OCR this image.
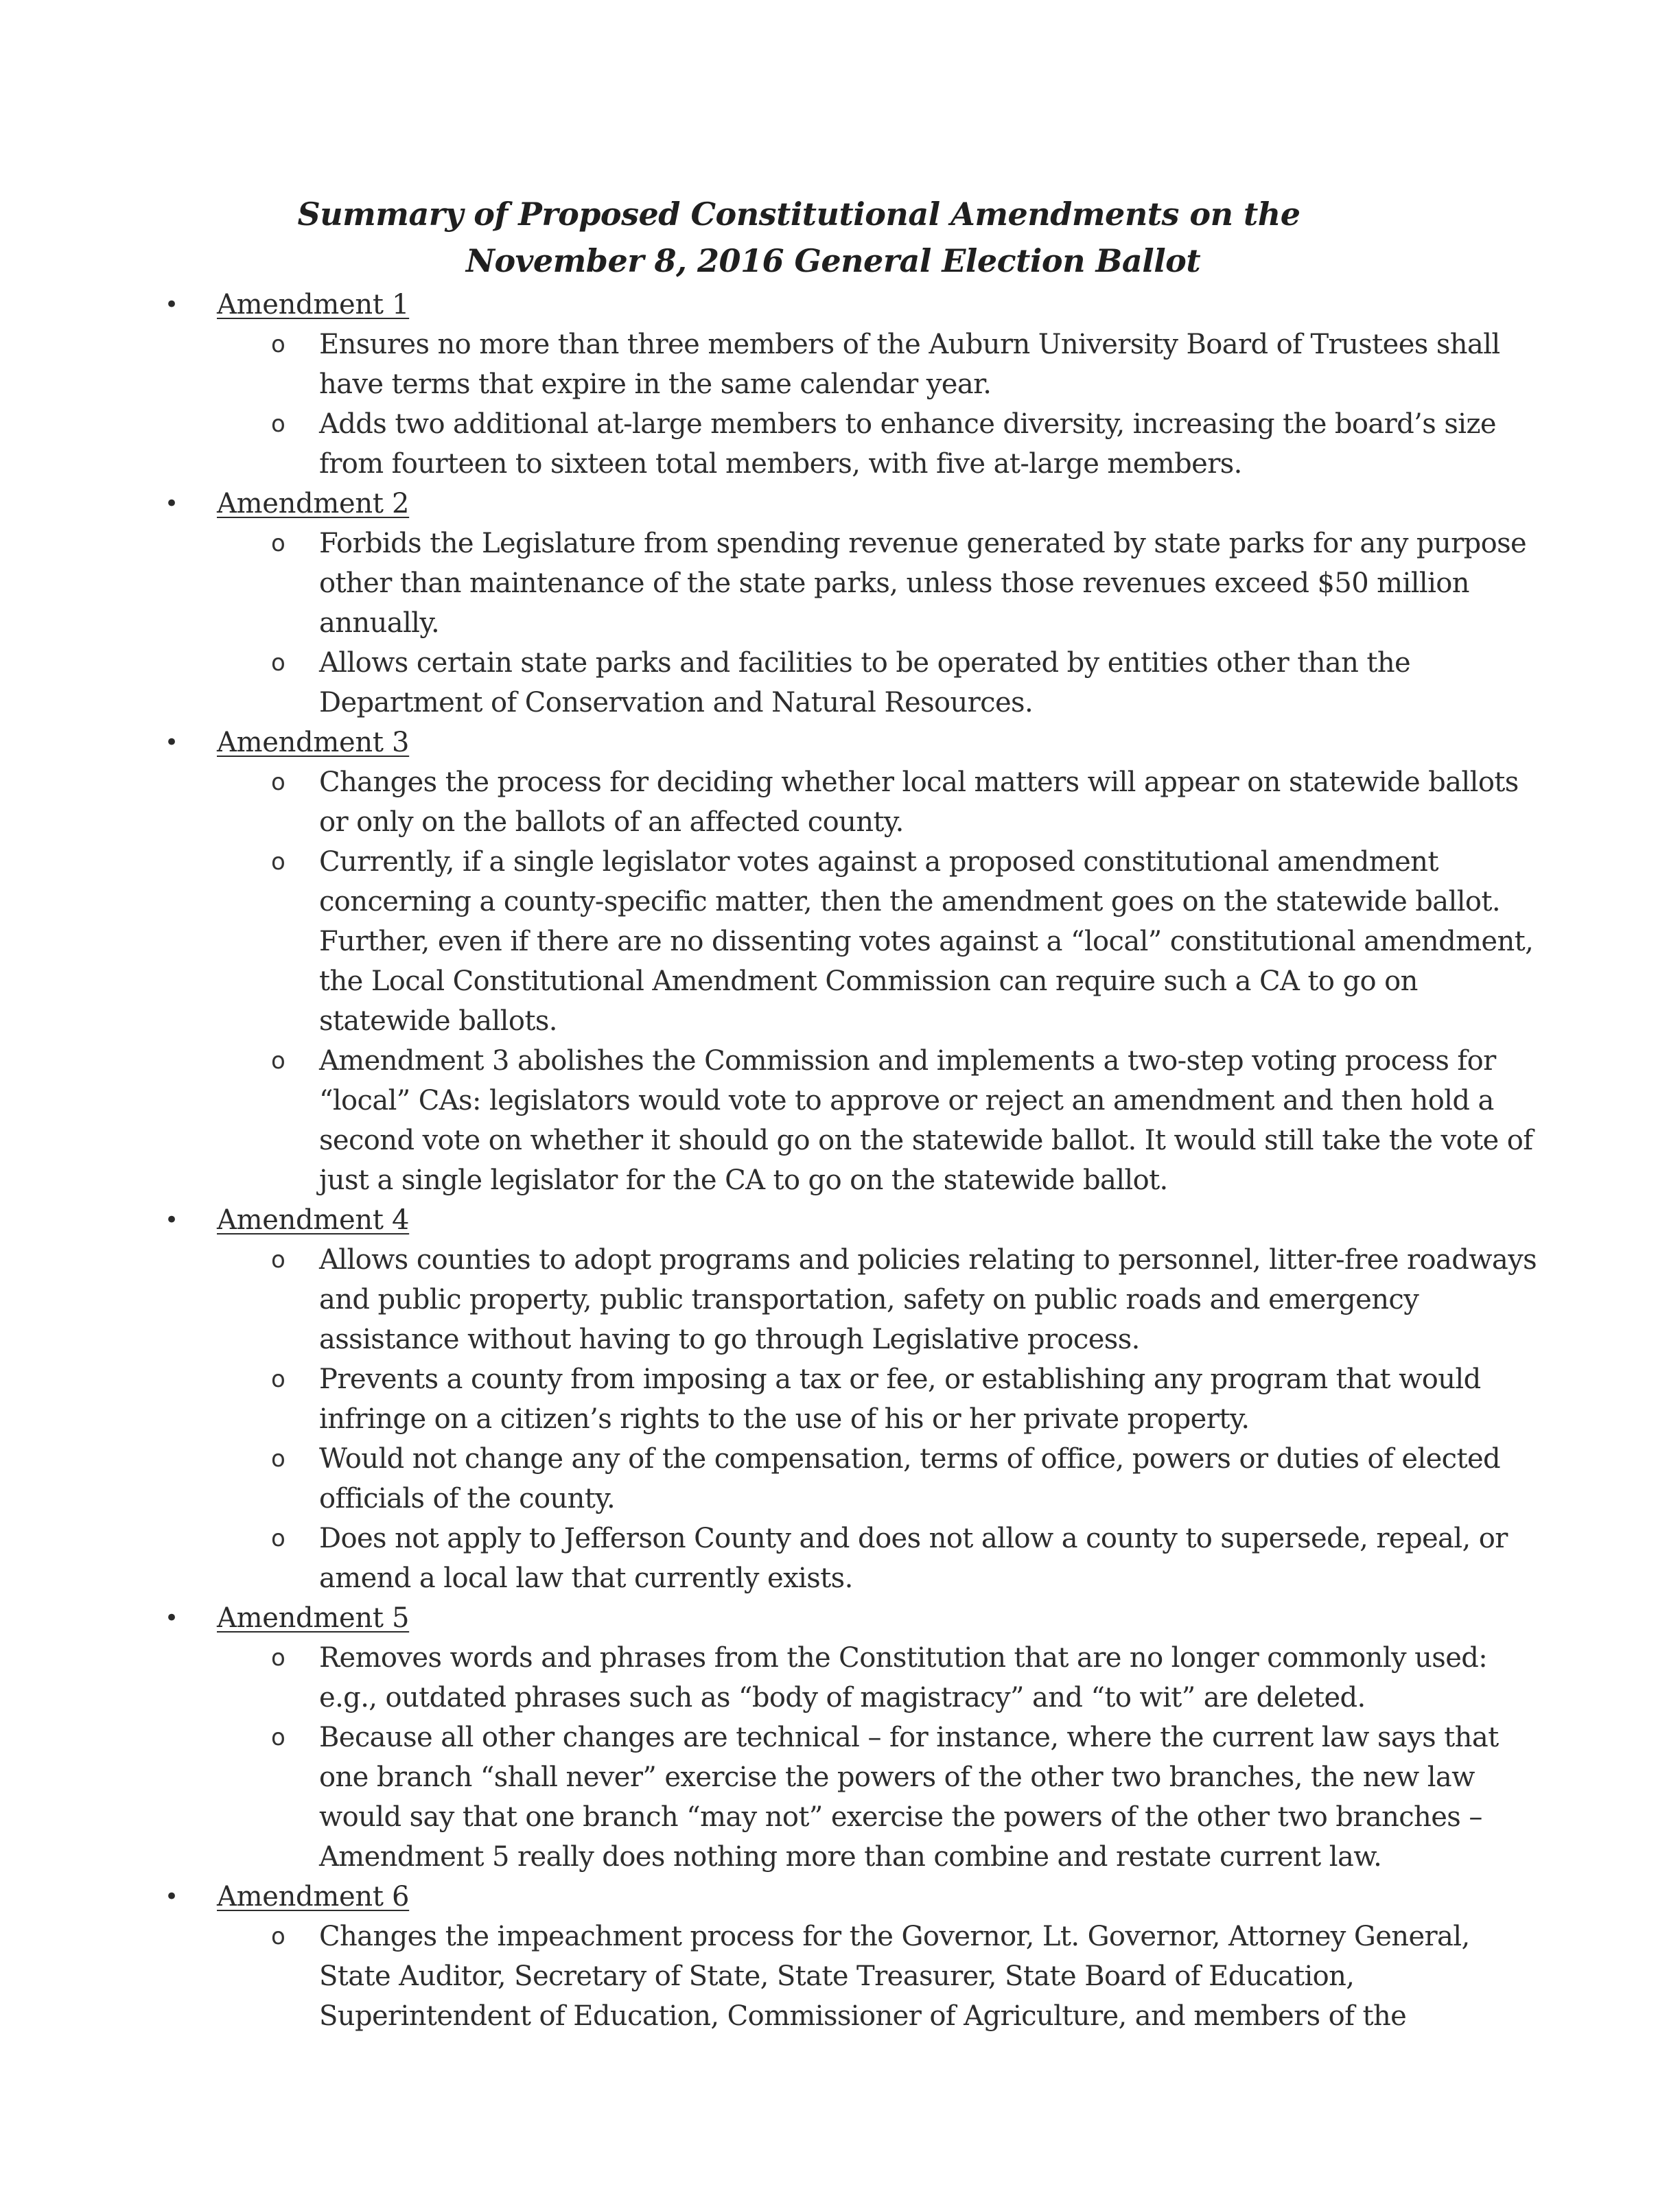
Summary of Proposed Constitutional Amendments on the
November 8, 2016 General Election Ballot
• Amendment 1
o Ensures no more than three members of the Auburn University Board of Trustees shall have terms that expire in the same calendar year.
o Adds two additional at-large members to enhance diversity, increasing the board’s size from fourteen to sixteen total members, with five at-large members.
• Amendment 2
o Forbids the Legislature from spending revenue generated by state parks for any purpose other than maintenance of the state parks, unless those revenues exceed $50 million annually.
o Allows certain state parks and facilities to be operated by entities other than the Department of Conservation and Natural Resources.
• Amendment 3
o Changes the process for deciding whether local matters will appear on statewide ballots or only on the ballots of an affected county.
o Currently, if a single legislator votes against a proposed constitutional amendment concerning a county-specific matter, then the amendment goes on the statewide ballot. Further, even if there are no dissenting votes against a “local” constitutional amendment, the Local Constitutional Amendment Commission can require such a CA to go on statewide ballots.
o Amendment 3 abolishes the Commission and implements a two-step voting process for “local” CAs: legislators would vote to approve or reject an amendment and then hold a second vote on whether it should go on the statewide ballot. It would still take the vote of just a single legislator for the CA to go on the statewide ballot.
• Amendment 4
o Allows counties to adopt programs and policies relating to personnel, litter-free roadways and public property, public transportation, safety on public roads and emergency assistance without having to go through Legislative process.
o Prevents a county from imposing a tax or fee, or establishing any program that would infringe on a citizen’s rights to the use of his or her private property.
o Would not change any of the compensation, terms of office, powers or duties of elected officials of the county.
o Does not apply to Jefferson County and does not allow a county to supersede, repeal, or amend a local law that currently exists.
• Amendment 5
o Removes words and phrases from the Constitution that are no longer commonly used: e.g., outdated phrases such as “body of magistracy” and “to wit” are deleted.
o Because all other changes are technical – for instance, where the current law says that one branch “shall never” exercise the powers of the other two branches, the new law would say that one branch “may not” exercise the powers of the other two branches – Amendment 5 really does nothing more than combine and restate current law.
• Amendment 6
o Changes the impeachment process for the Governor, Lt. Governor, Attorney General, State Auditor, Secretary of State, State Treasurer, State Board of Education, Superintendent of Education, Commissioner of Agriculture, and members of the
